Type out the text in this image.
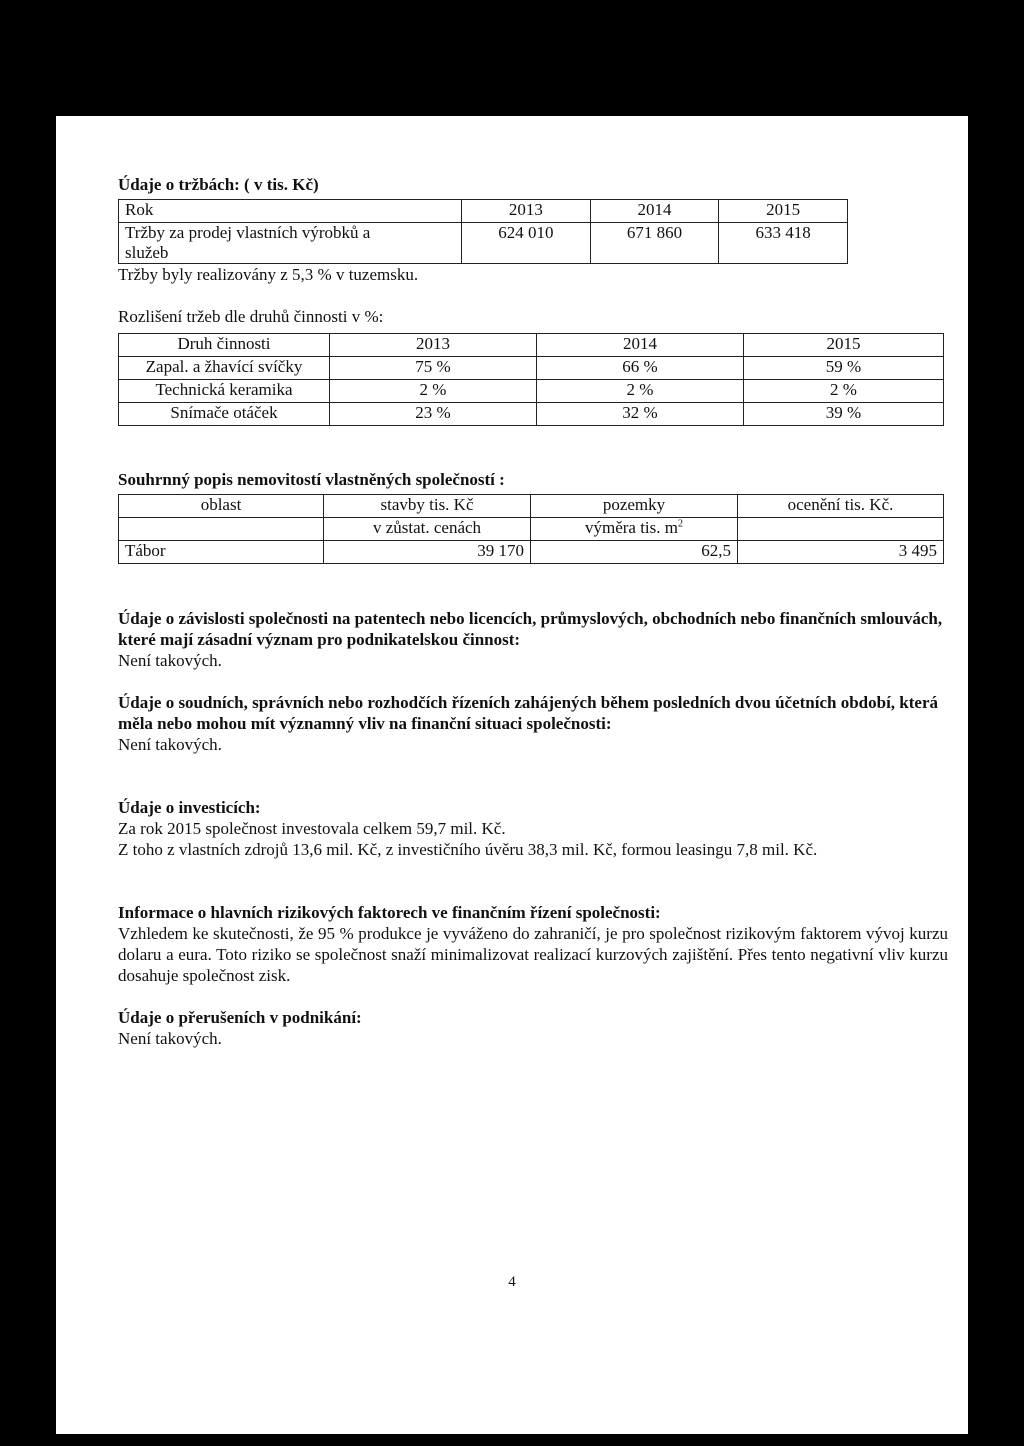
Údaje o tržbách: ( v tis. Kč)

Rok	2013	2014	2015
Tržby za prodej vlastních výrobků a
služeb	624 010	671 860	633 418

Tržby byly realizovány z 5,3 % v tuzemsku.

Rozlišení tržeb dle druhů činnosti v %:

Druh činnosti	2013	2014	2015
Zapal. a žhavící svíčky	75 %	66 %	59 %
Technická keramika	2 %	2 %	2 %
Snímače otáček	23 %	32 %	39 %

Souhrnný popis nemovitostí vlastněných společností :

oblast	stavby tis. Kč	pozemky	ocenění tis. Kč.
	v zůstat. cenách	výměra tis. $m^2$	
Tábor	39 170	62,5	3 495

Údaje o závislosti společnosti na patentech nebo licencích, průmyslových, obchodních nebo finančních smlouvách, které mají zásadní význam pro podnikatelskou činnost:

Není takových.

Údaje o soudních, správních nebo rozhodčích řízeních zahájených během posledních dvou účetních období, která měla nebo mohou mít významný vliv na finanční situaci společnosti:

Není takových.

Údaje o investicích:

Za rok 2015 společnost investovala celkem 59,7 mil. Kč.

Z toho z vlastních zdrojů 13,6 mil. Kč, z investičního úvěru 38,3 mil. Kč, formou leasingu 7,8 mil. Kč.

Informace o hlavních rizikových faktorech ve finančním řízení společnosti:

Vzhledem ke skutečnosti, že 95 % produkce je vyváženo do zahraničí, je pro společnost rizikovým faktorem vývoj kurzu dolaru a eura. Toto riziko se společnost snaží minimalizovat realizací kurzových zajištění. Přes tento negativní vliv kurzu dosahuje společnost zisk.

Údaje o přerušeních v podnikání:

Není takových.

4
